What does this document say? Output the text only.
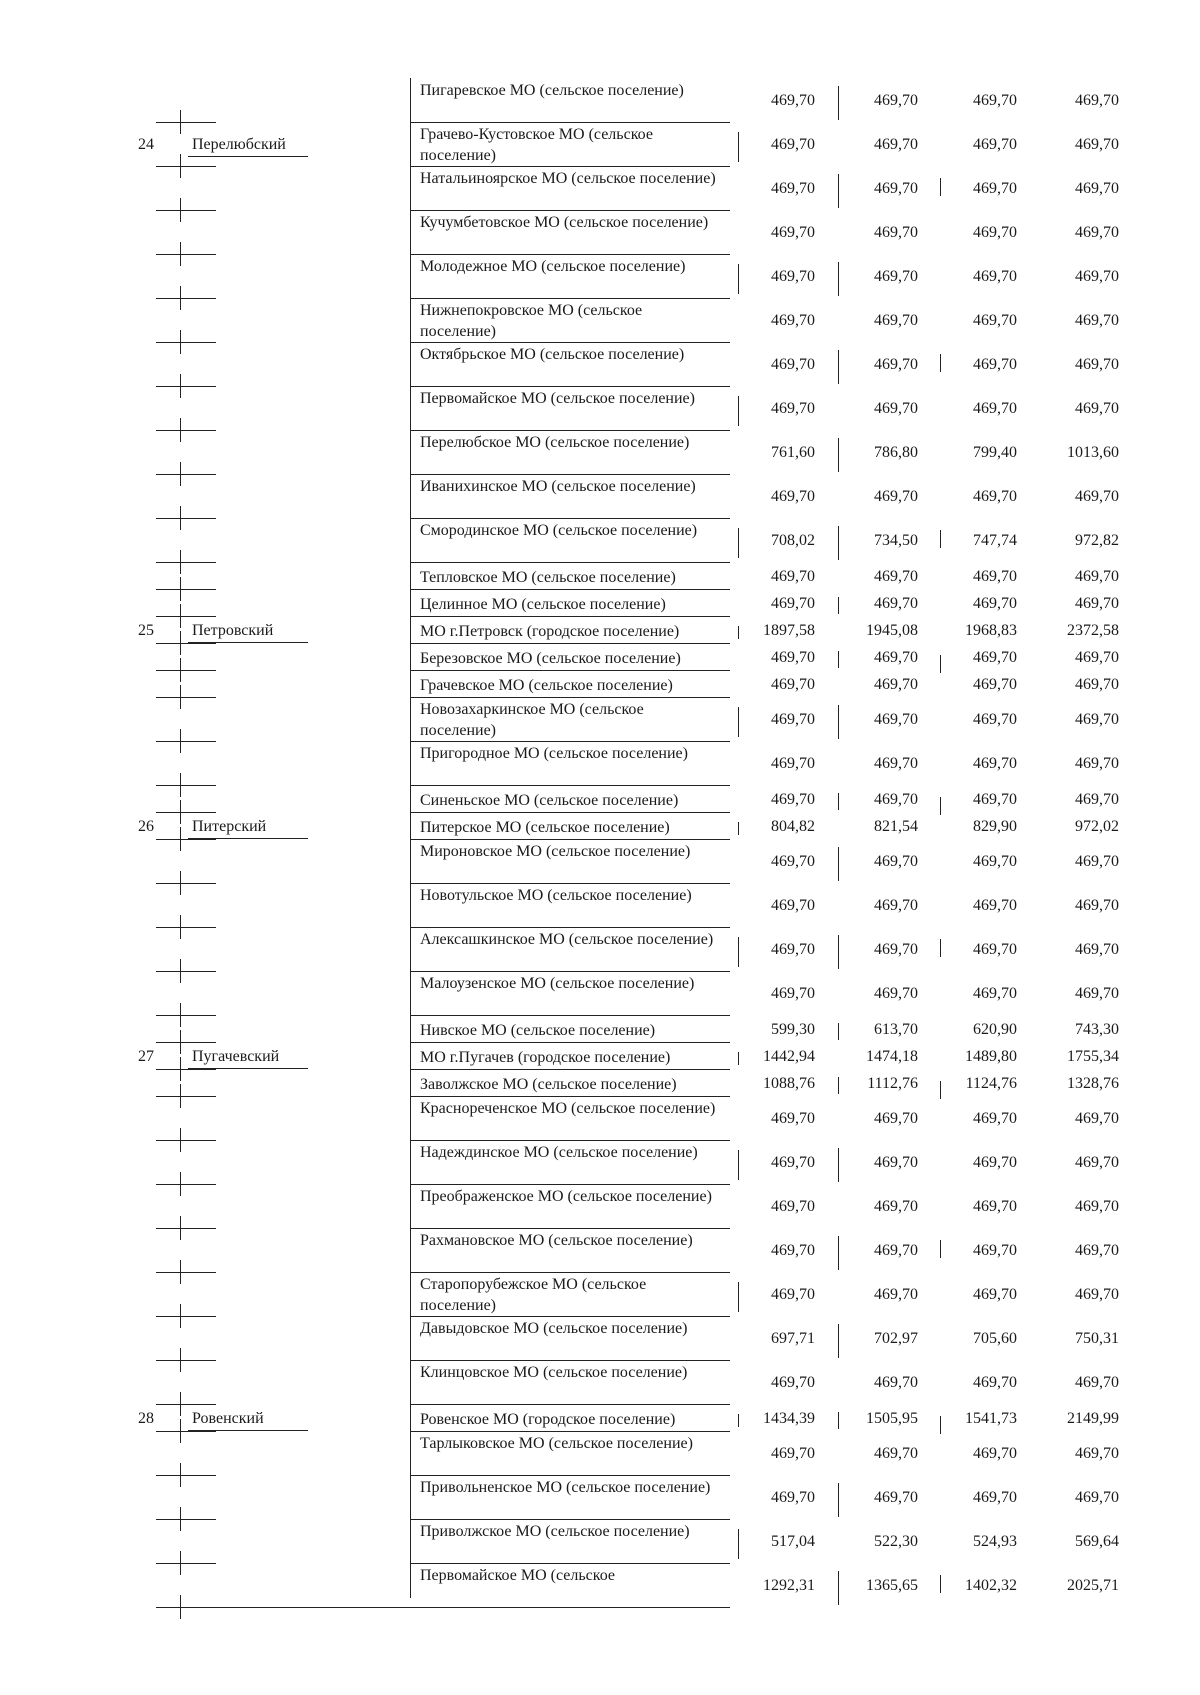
Пигаревское МО (сельское поселение)
469,70	469,70	469,70	469,70
Грачево-Кустовское МО (сельское поселение)
469,70	469,70	469,70	469,70
24 Перелюбский
Натальиноярское МО (сельское поселение)
469,70	469,70	469,70	469,70
Кучумбетовское МО (сельское поселение)
469,70	469,70	469,70	469,70
Молодежное МО (сельское поселение)
469,70	469,70	469,70	469,70
Нижнепокровское МО (сельское поселение)
469,70	469,70	469,70	469,70
Октябрьское МО (сельское поселение)
469,70	469,70	469,70	469,70
Первомайское МО (сельское поселение)
469,70	469,70	469,70	469,70
Перелюбское МО (сельское поселение)
761,60	786,80	799,40	1013,60
Иванихинское МО (сельское поселение)
469,70	469,70	469,70	469,70
Смородинское МО (сельское поселение)
708,02	734,50	747,74	972,82
Тепловское МО (сельское поселение)	469,70	469,70	469,70	469,70
Целинное МО (сельское поселение)	469,70	469,70	469,70	469,70
МО г.Петровск (городское поселение)	1897,58	1945,08	1968,83	2372,58
25 Петровский
Березовское МО (сельское поселение)	469,70	469,70	469,70	469,70
Грачевское МО (сельское поселение)	469,70	469,70	469,70	469,70
Новозахаркинское МО (сельское поселение)
469,70	469,70	469,70	469,70
Пригородное МО (сельское поселение)
469,70	469,70	469,70	469,70
Синеньское МО (сельское поселение)	469,70	469,70	469,70	469,70
Питерское МО (сельское поселение)	804,82	821,54	829,90	972,02
26 Питерский
Мироновское МО (сельское поселение)
469,70	469,70	469,70	469,70
Новотульское МО (сельское поселение)
469,70	469,70	469,70	469,70
Алексашкинское МО (сельское поселение)
469,70	469,70	469,70	469,70
Малоузенское МО (сельское поселение)
469,70	469,70	469,70	469,70
Нивское МО (сельское поселение)	599,30	613,70	620,90	743,30
МО г.Пугачев (городское поселение)	1442,94	1474,18	1489,80	1755,34
27 Пугачевский
Заволжское МО (сельское поселение)	1088,76	1112,76	1124,76	1328,76
Краснореченское МО (сельское поселение)
469,70	469,70	469,70	469,70
Надеждинское МО (сельское поселение)
469,70	469,70	469,70	469,70
Преображенское МО (сельское поселение)
469,70	469,70	469,70	469,70
Рахмановское МО (сельское поселение)
469,70	469,70	469,70	469,70
Старопорубежское МО (сельское поселение)
469,70	469,70	469,70	469,70
Давыдовское МО (сельское поселение)
697,71	702,97	705,60	750,31
Клинцовское МО (сельское поселение)
469,70	469,70	469,70	469,70
Ровенское МО (городское поселение)	1434,39	1505,95	1541,73	2149,99
28 Ровенский
Тарлыковское МО (сельское поселение)
469,70	469,70	469,70	469,70
Привольненское МО (сельское поселение)
469,70	469,70	469,70	469,70
Приволжское МО (сельское поселение)
517,04	522,30	524,93	569,64
Первомайское МО (сельское
1292,31	1365,65	1402,32	2025,71
